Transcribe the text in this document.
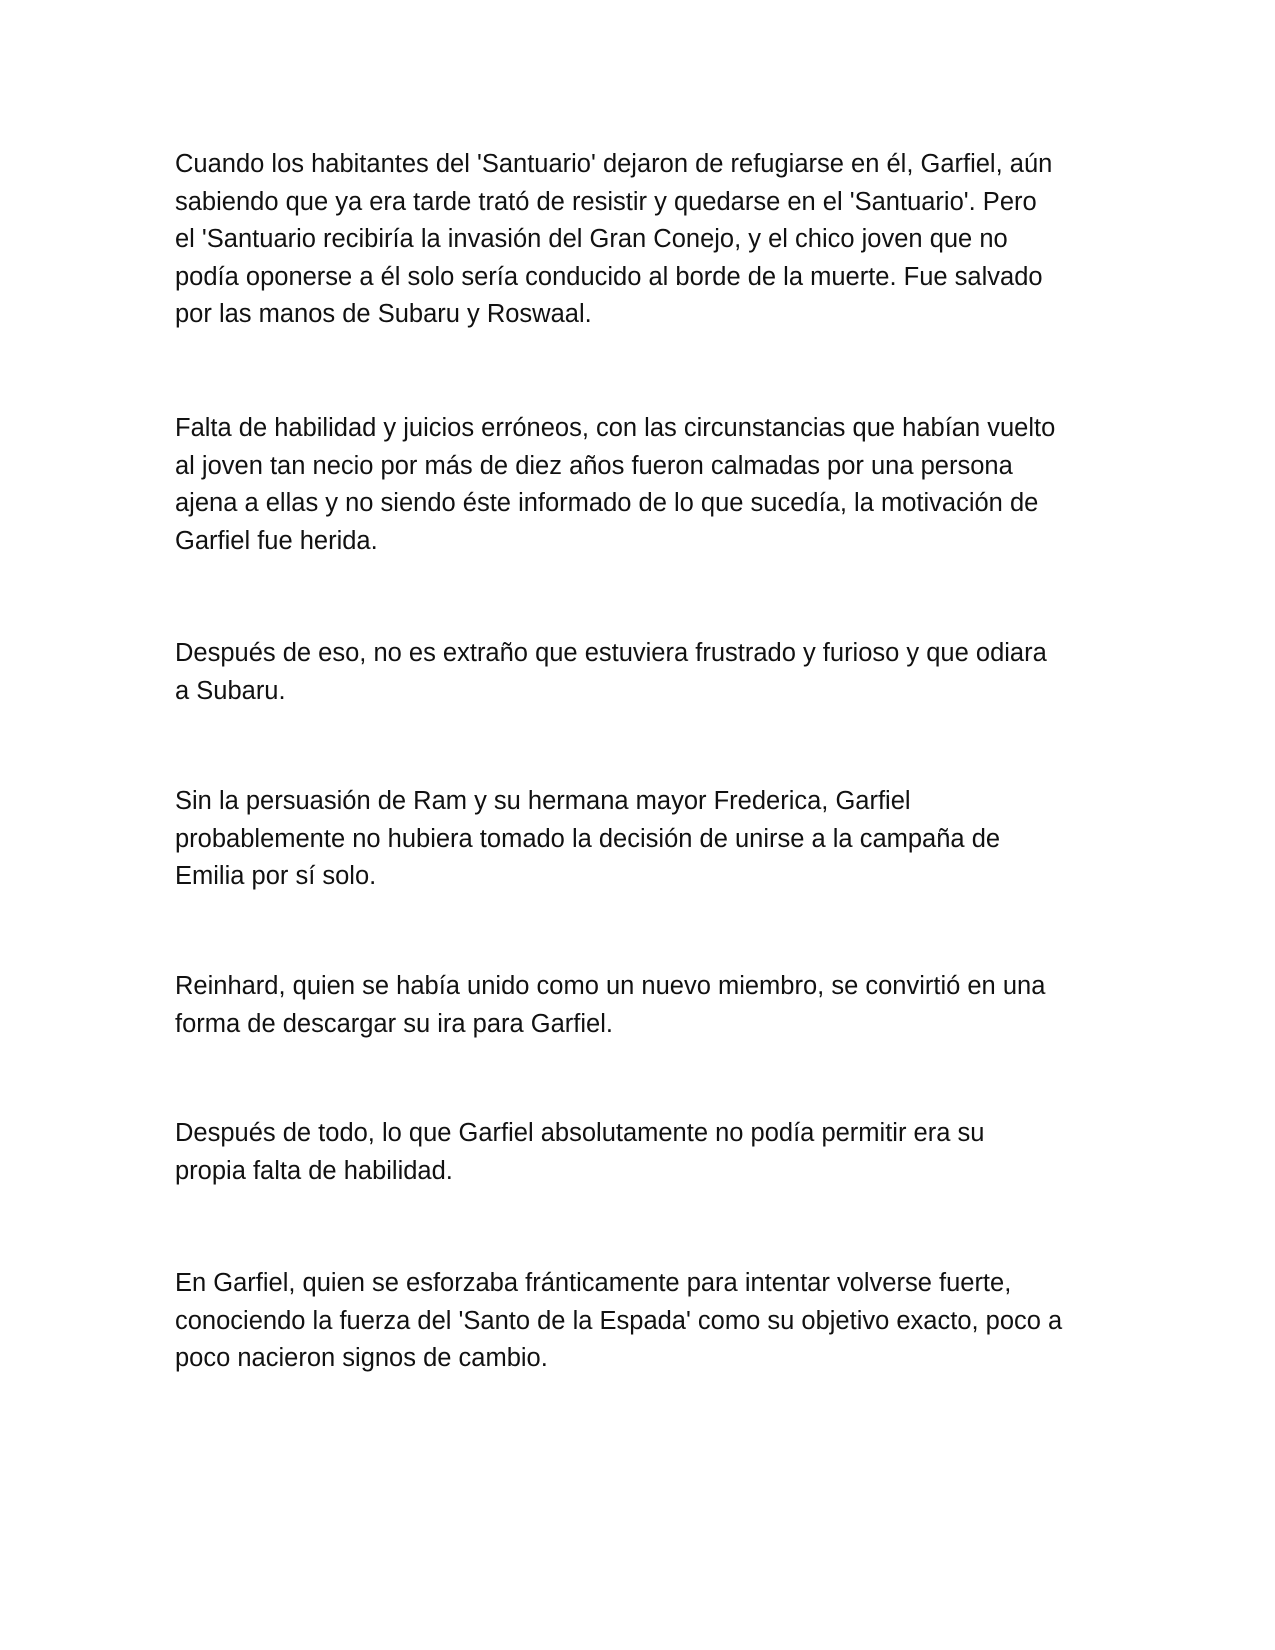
Cuando los habitantes del 'Santuario' dejaron de refugiarse en él, Garfiel, aún
sabiendo que ya era tarde trató de resistir y quedarse en el 'Santuario'. Pero
el 'Santuario recibiría la invasión del Gran Conejo, y el chico joven que no
podía oponerse a él solo sería conducido al borde de la muerte. Fue salvado
por las manos de Subaru y Roswaal.

Falta de habilidad y juicios erróneos, con las circunstancias que habían vuelto
al joven tan necio por más de diez años fueron calmadas por una persona
ajena a ellas y no siendo éste informado de lo que sucedía, la motivación de
Garfiel fue herida.

Después de eso, no es extraño que estuviera frustrado y furioso y que odiara
a Subaru.

Sin la persuasión de Ram y su hermana mayor Frederica, Garfiel
probablemente no hubiera tomado la decisión de unirse a la campaña de
Emilia por sí solo.

Reinhard, quien se había unido como un nuevo miembro, se convirtió en una
forma de descargar su ira para Garfiel.

Después de todo, lo que Garfiel absolutamente no podía permitir era su
propia falta de habilidad.

En Garfiel, quien se esforzaba fránticamente para intentar volverse fuerte,
conociendo la fuerza del 'Santo de la Espada' como su objetivo exacto, poco a
poco nacieron signos de cambio.
